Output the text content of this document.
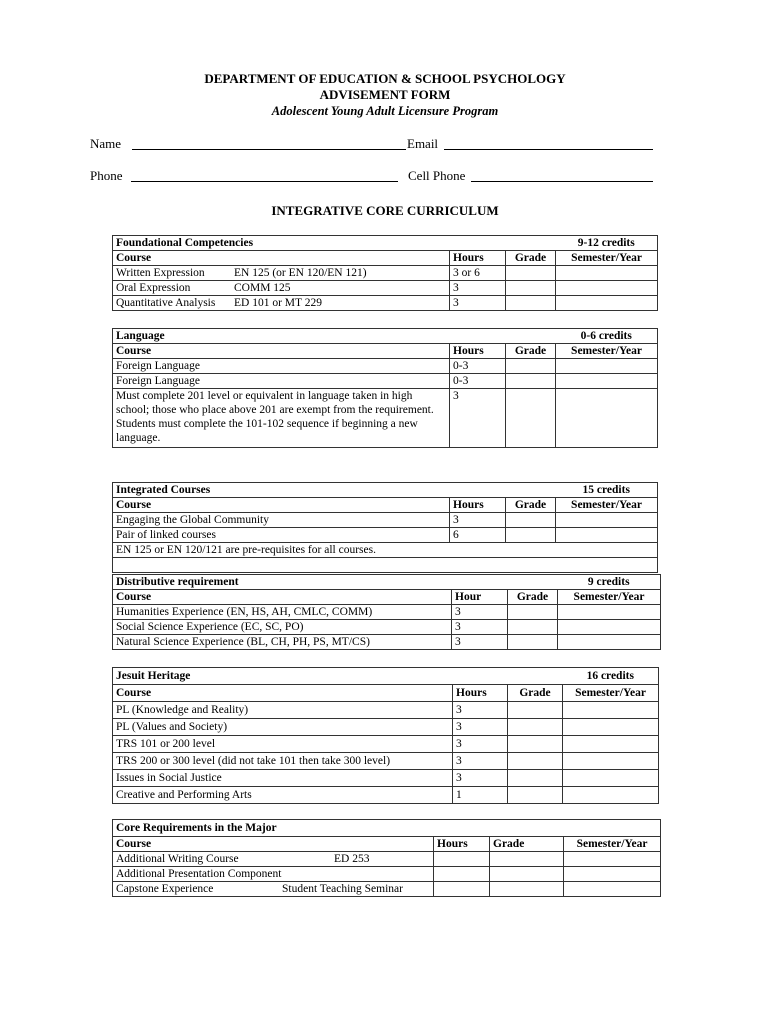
DEPARTMENT OF EDUCATION & SCHOOL PSYCHOLOGY
ADVISEMENT FORM
Adolescent Young Adult Licensure Program
Name	Email
Phone	Cell Phone
INTEGRATIVE CORE CURRICULUM
Foundational Competencies			9-12 credits
Course	Hours	Grade	Semester/Year
Written Expression EN 125 (or EN 120/EN 121)	3 or 6		
Oral Expression COMM 125	3		
Quantitative Analysis ED 101 or MT 229	3		
Language			0-6 credits
Course	Hours	Grade	Semester/Year
Foreign Language	0-3		
Foreign Language	0-3		
Must complete 201 level or equivalent in language taken in high school; those who place above 201 are exempt from the requirement. Students must complete the 101-102 sequence if beginning a new language.	3		
Integrated Courses			15 credits
Course	Hours	Grade	Semester/Year
Engaging the Global Community	3		
Pair of linked courses	6		
EN 125 or EN 120/121 are pre-requisites for all courses.			

Distributive requirement			9 credits
Course	Hour	Grade	Semester/Year
Humanities Experience (EN, HS, AH, CMLC, COMM)	3		
Social Science Experience (EC, SC, PO)	3		
Natural Science Experience (BL, CH, PH, PS, MT/CS)	3		
Jesuit Heritage			16 credits
Course	Hours	Grade	Semester/Year
PL (Knowledge and Reality)	3		
PL (Values and Society)	3		
TRS 101 or 200 level	3		
TRS 200 or 300 level (did not take 101 then take 300 level)	3		
Issues in Social Justice	3		
Creative and Performing Arts	1		
Core Requirements in the Major			
Course	Hours	Grade	Semester/Year
Additional Writing Course ED 253			
Additional Presentation Component			
Capstone Experience Student Teaching Seminar			
